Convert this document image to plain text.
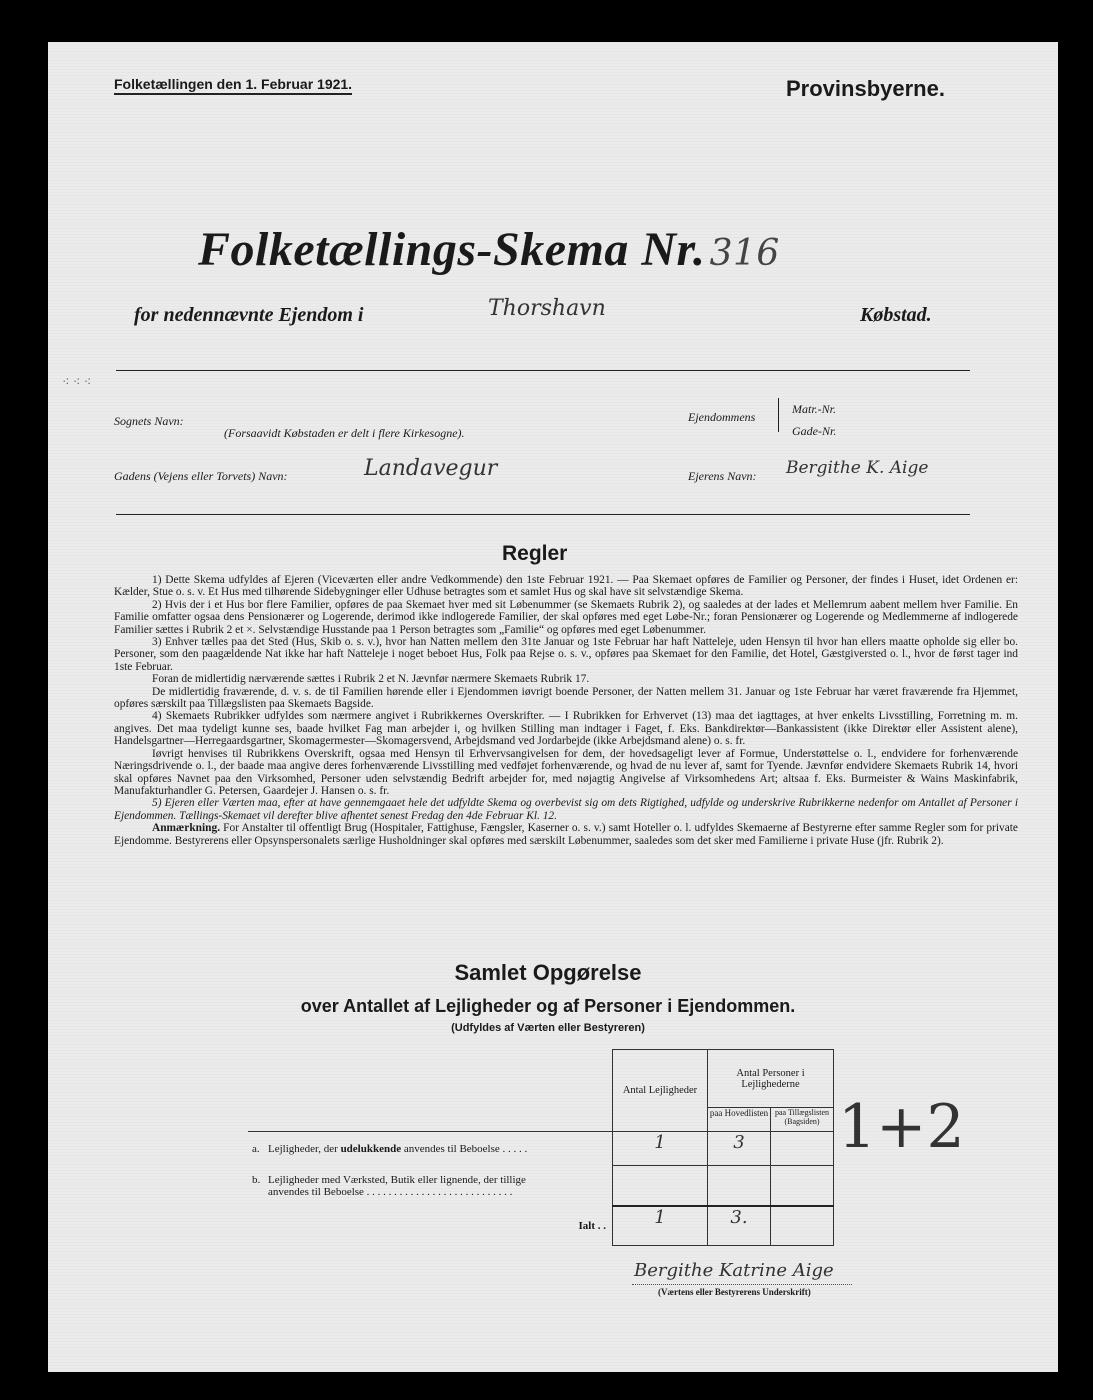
Folketællingen den 1. Februar 1921.	Provinsbyerne.
Folketællings-Skema Nr. 316
for nedennævnte Ejendom i	Thorshavn	Købstad.
⁖ ⁖ ⁖
Sognets Navn:
(Forsaavidt Købstaden er delt i flere Kirkesogne).
Ejendommens
Matr.-Nr.
Gade-Nr.
Gadens (Vejens eller Torvets) Navn:	Landavegur	Ejerens Navn: Bergithe K. Aige
Regler

1) Dette Skema udfyldes af Ejeren (Viceværten eller andre Vedkommende) den 1ste Februar 1921. — Paa Skemaet opføres de Familier og Personer, der findes i Huset, idet Ordenen er: Kælder, Stue o. s. v. Et Hus med tilhørende Sidebygninger eller Udhuse betragtes som et samlet Hus og skal have sit selvstændige Skema.

2) Hvis der i et Hus bor flere Familier, opføres de paa Skemaet hver med sit Løbenummer (se Skemaets Rubrik 2), og saaledes at der lades et Mellemrum aabent mellem hver Familie. En Familie omfatter ogsaa dens Pensionærer og Logerende, derimod ikke indlogerede Familier, der skal opføres med eget Løbe-Nr.; foran Pensionærer og Logerende og Medlemmerne af indlogerede Familier sættes i Rubrik 2 et ×. Selvstændige Husstande paa 1 Person betragtes som „Familie“ og opføres med eget Løbenummer.

3) Enhver tælles paa det Sted (Hus, Skib o. s. v.), hvor han Natten mellem den 31te Januar og 1ste Februar har haft Natteleje, uden Hensyn til hvor han ellers maatte opholde sig eller bo. Personer, som den paagældende Nat ikke har haft Natteleje i noget beboet Hus, Folk paa Rejse o. s. v., opføres paa Skemaet for den Familie, det Hotel, Gæstgiversted o. l., hvor de først tager ind 1ste Februar.

Foran de midlertidig nærværende sættes i Rubrik 2 et N. Jævnfør nærmere Skemaets Rubrik 17.

De midlertidig fraværende, d. v. s. de til Familien hørende eller i Ejendommen iøvrigt boende Personer, der Natten mellem 31. Januar og 1ste Februar har været fraværende fra Hjemmet, opføres særskilt paa Tillægslisten paa Skemaets Bagside.

4) Skemaets Rubrikker udfyldes som nærmere angivet i Rubrikkernes Overskrifter. — I Rubrikken for Erhvervet (13) maa det iagttages, at hver enkelts Livsstilling, Forretning m. m. angives. Det maa tydeligt kunne ses, baade hvilket Fag man arbejder i, og hvilken Stilling man indtager i Faget, f. Eks. Bankdirektør—Bankassistent (ikke Direktør eller Assistent alene), Handelsgartner—Herregaardsgartner, Skomagermester—Skomagersvend, Arbejdsmand ved Jordarbejde (ikke Arbejdsmand alene) o. s. fr.

Iøvrigt henvises til Rubrikkens Overskrift, ogsaa med Hensyn til Erhvervsangivelsen for dem, der hovedsageligt lever af Formue, Understøttelse o. l., endvidere for forhenværende Næringsdrivende o. l., der baade maa angive deres forhenværende Livsstilling med vedføjet forhenværende, og hvad de nu lever af, samt for Tyende. Jævnfør endvidere Skemaets Rubrik 14, hvori skal opføres Navnet paa den Virksomhed, Personer uden selvstændig Bedrift arbejder for, med nøjagtig Angivelse af Virksomhedens Art; altsaa f. Eks. Burmeister & Wains Maskinfabrik, Manufakturhandler G. Petersen, Gaardejer J. Hansen o. s. fr.

5) Ejeren eller Værten maa, efter at have gennemgaaet hele det udfyldte Skema og overbevist sig om dets Rigtighed, udfylde og underskrive Rubrikkerne nedenfor om Antallet af Personer i Ejendommen. Tællings-Skemaet vil derefter blive afhentet senest Fredag den 4de Februar Kl. 12.

Anmærkning. For Anstalter til offentligt Brug (Hospitaler, Fattighuse, Fængsler, Kaserner o. s. v.) samt Hoteller o. l. udfyldes Skemaerne af Bestyrerne efter samme Regler som for private Ejendomme. Bestyrerens eller Opsynspersonalets særlige Husholdninger skal opføres med særskilt Løbenummer, saaledes som det sker med Familierne i private Huse (jfr. Rubrik 2).

Samlet Opgørelse
over Antallet af Lejligheder og af Personer i Ejendommen.
(Udfyldes af Værten eller Bestyreren)
	Antal Lejligheder	Antal Personer i Lejlighederne	
		paa Hovedlisten	paa Tillægslisten (Bagsiden)
a. Lejligheder, der udelukkende anvendes til Beboelse . . . . .	1	3	
b. Lejligheder med Værksted, Butik eller lignende, der tillige
anvendes til Beboelse . . . . . . . . . . . . . . . . . . . . . . . . . . .			
Ialt . .	1	3.	
1+2
Bergithe Katrine Aige
(Værtens eller Bestyrerens Underskrift)
